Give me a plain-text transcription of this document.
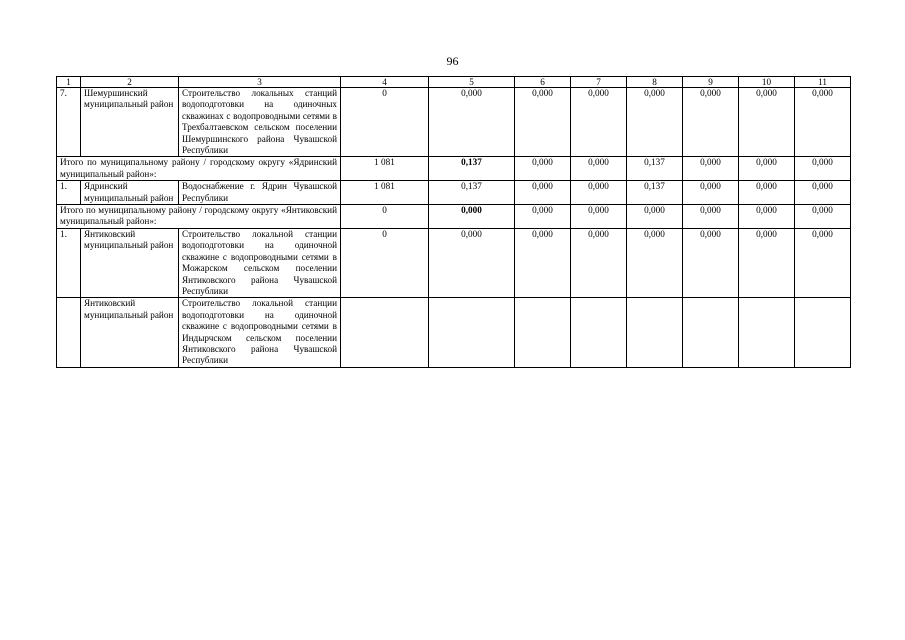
96
1	2	3	4	5	6	7	8	9	10	11
7.	Шемуршинский муниципальный район	Строительство локальных станций водоподготовки на одиночных скважинах с водопроводными сетями в Трехбалтаевском сельском поселении Шемуршинского района Чувашской Республики	0	0,000	0,000	0,000	0,000	0,000	0,000	0,000
Итого по муниципальному району / городскому округу «Ядринский муниципальный район»:			1 081	0,137	0,000	0,000	0,137	0,000	0,000	0,000
1.	Ядринский муниципальный район	Водоснабжение г. Ядрин Чувашской Республики	1 081	0,137	0,000	0,000	0,137	0,000	0,000	0,000
Итого по муниципальному району / городскому округу «Янтиковский муниципальный район»:			0	0,000	0,000	0,000	0,000	0,000	0,000	0,000
1.	Янтиковский муниципальный район	Строительство локальной станции водоподготовки на одиночной скважине с водопроводными сетями в Можарском сельском поселении Янтиковского района Чувашской Республики	0	0,000	0,000	0,000	0,000	0,000	0,000	0,000
	Янтиковский муниципальный район	Строительство локальной станции водоподготовки на одиночной скважине с водопроводными сетями в Индырчском сельском поселении Янтиковского района Чувашской Республики								
